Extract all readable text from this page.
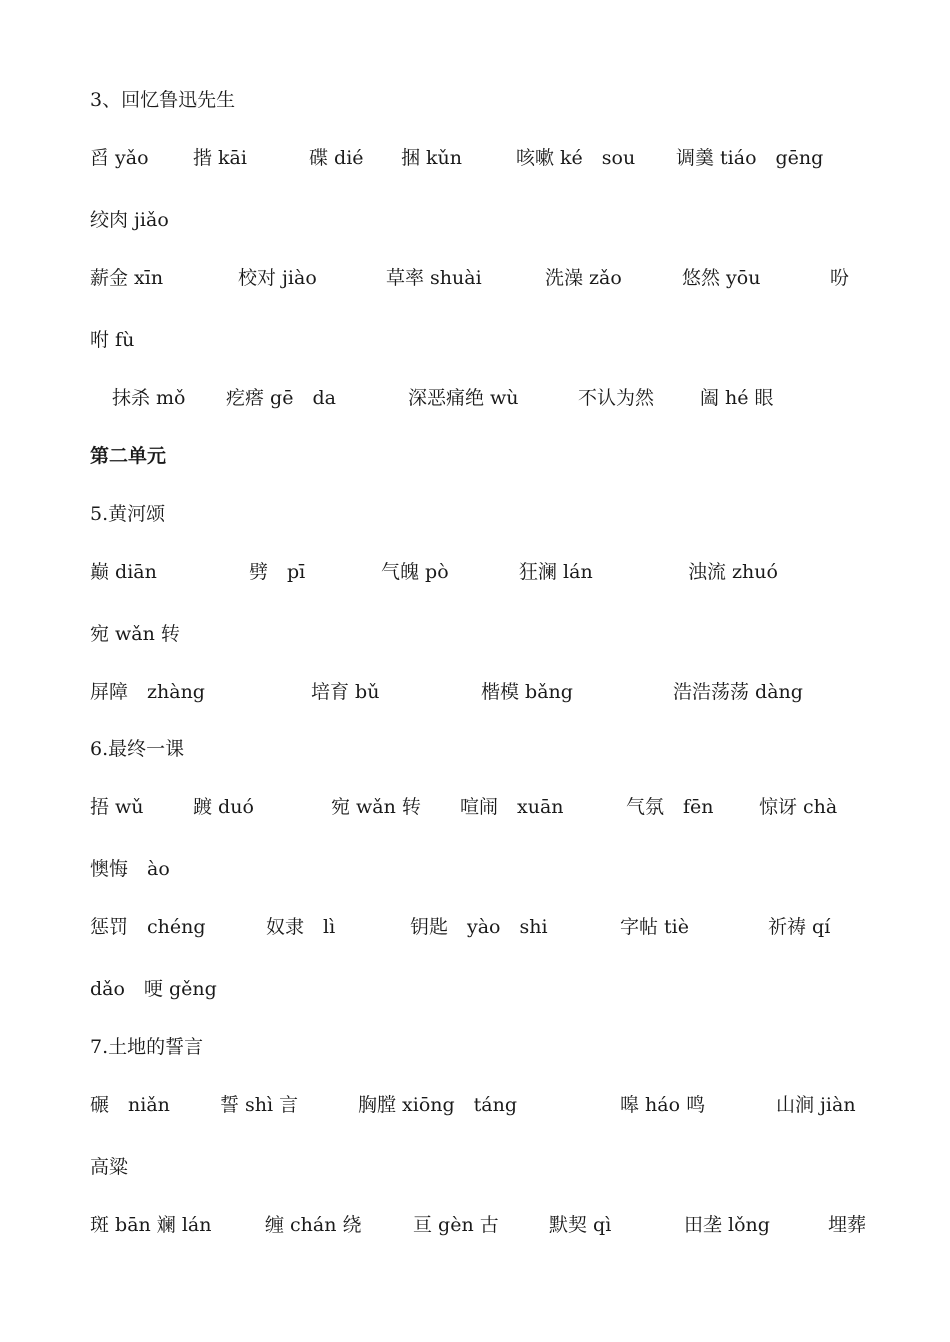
3、回忆鲁迅先生
舀 yǎo 揩 kāi	碟 dié 捆 kǔn	咳嗽 ké　sou 调羹 tiáo　gēng
绞肉 jiǎo
薪金 xīn	校对 jiào	草率 shuài	洗澡 zǎo	悠然 yōu	吩
咐 fù
抹杀 mǒ 疙瘩 gē　da	深恶痛绝 wù	不认为然 阖 hé 眼
第二单元
5.黄河颂
巅 diān	劈　pī	气魄 pò	狂澜 lán	浊流 zhuó
宛 wǎn 转
屏障　zhàng	培育 bǔ	楷模 bǎng	浩浩荡荡 dàng
6.最终一课
捂 wǔ	踱 duó	宛 wǎn 转 喧闹　xuān	气氛　fēn 惊讶 chà
懊悔　ào
惩罚　chéng	奴隶　lì	钥匙　yào　shi	字帖 tiè	祈祷 qí
dǎo　哽 gěng
7.土地的誓言
碾　niǎn	誓 shì 言	胸膛 xiōng　táng	嗥 háo 鸣	山涧 jiàn
高粱
斑 bān 斓 lán	缠 chán 绕	亘 gèn 古	默契 qì	田垄 lǒng	埋葬
